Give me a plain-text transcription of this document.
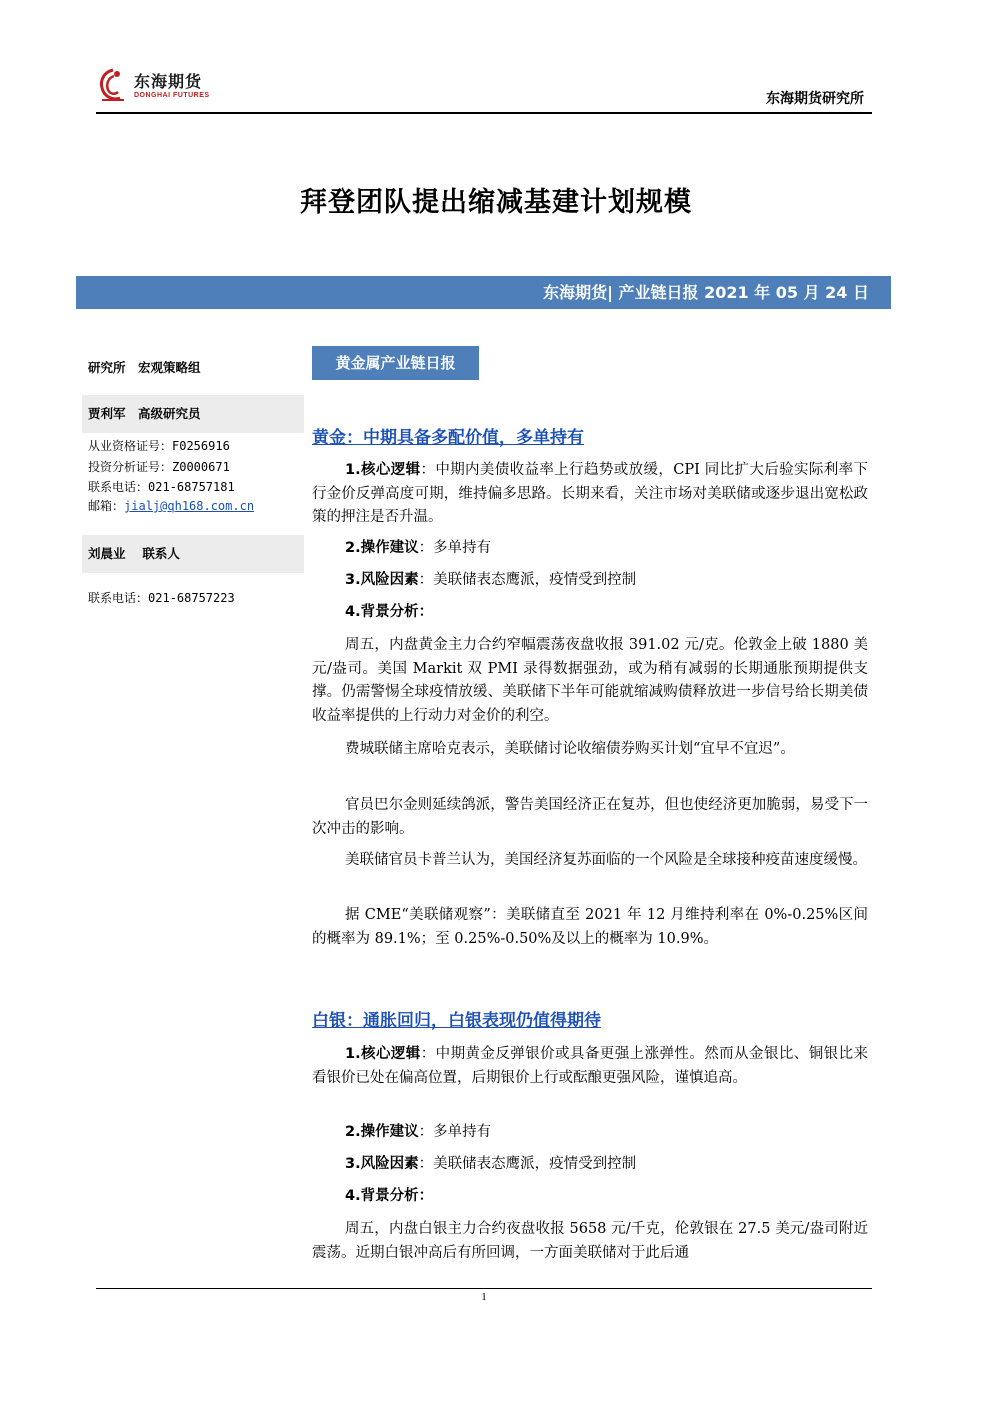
东海期货
DONGHAI FUTURES	东海期货研究所
拜登团队提出缩减基建计划规模
东海期货| 产业链日报 2021 年 05 月 24 日
研究所　宏观策略组
贾利军　高级研究员
从业资格证号：F0256916
投资分析证号：Z0000671
联系电话：021-68757181
邮箱：jialj@qh168.com.cn
刘晨业　 联系人
联系电话：021-68757223
黄金属产业链日报
黄金：中期具备多配价值，多单持有
1.核心逻辑：中期内美债收益率上行趋势或放缓，CPI 同比扩大后验实际利率下行金价反弹高度可期，维持偏多思路。长期来看，关注市场对美联储或逐步退出宽松政策的押注是否升温。
2.操作建议：多单持有
3.风险因素：美联储表态鹰派，疫情受到控制
4.背景分析：
周五，内盘黄金主力合约窄幅震荡夜盘收报 391.02 元/克。伦敦金上破 1880 美元/盎司。美国 Markit 双 PMI 录得数据强劲，或为稍有减弱的长期通胀预期提供支撑。仍需警惕全球疫情放缓、美联储下半年可能就缩减购债释放进一步信号给长期美债收益率提供的上行动力对金价的利空。
费城联储主席哈克表示，美联储讨论收缩债券购买计划“宜早不宜迟”。
官员巴尔金则延续鸽派，警告美国经济正在复苏，但也使经济更加脆弱，易受下一次冲击的影响。
美联储官员卡普兰认为，美国经济复苏面临的一个风险是全球接种疫苗速度缓慢。
据 CME“美联储观察”：美联储直至 2021 年 12 月维持利率在 0%-0.25%区间的概率为 89.1%；至 0.25%-0.50%及以上的概率为 10.9%。
白银：通胀回归，白银表现仍值得期待
1.核心逻辑：中期黄金反弹银价或具备更强上涨弹性。然而从金银比、铜银比来看银价已处在偏高位置，后期银价上行或酝酿更强风险，谨慎追高。
2.操作建议：多单持有
3.风险因素：美联储表态鹰派，疫情受到控制
4.背景分析：
周五，内盘白银主力合约夜盘收报 5658 元/千克，伦敦银在 27.5 美元/盎司附近震荡。近期白银冲高后有所回调，一方面美联储对于此后通
1
